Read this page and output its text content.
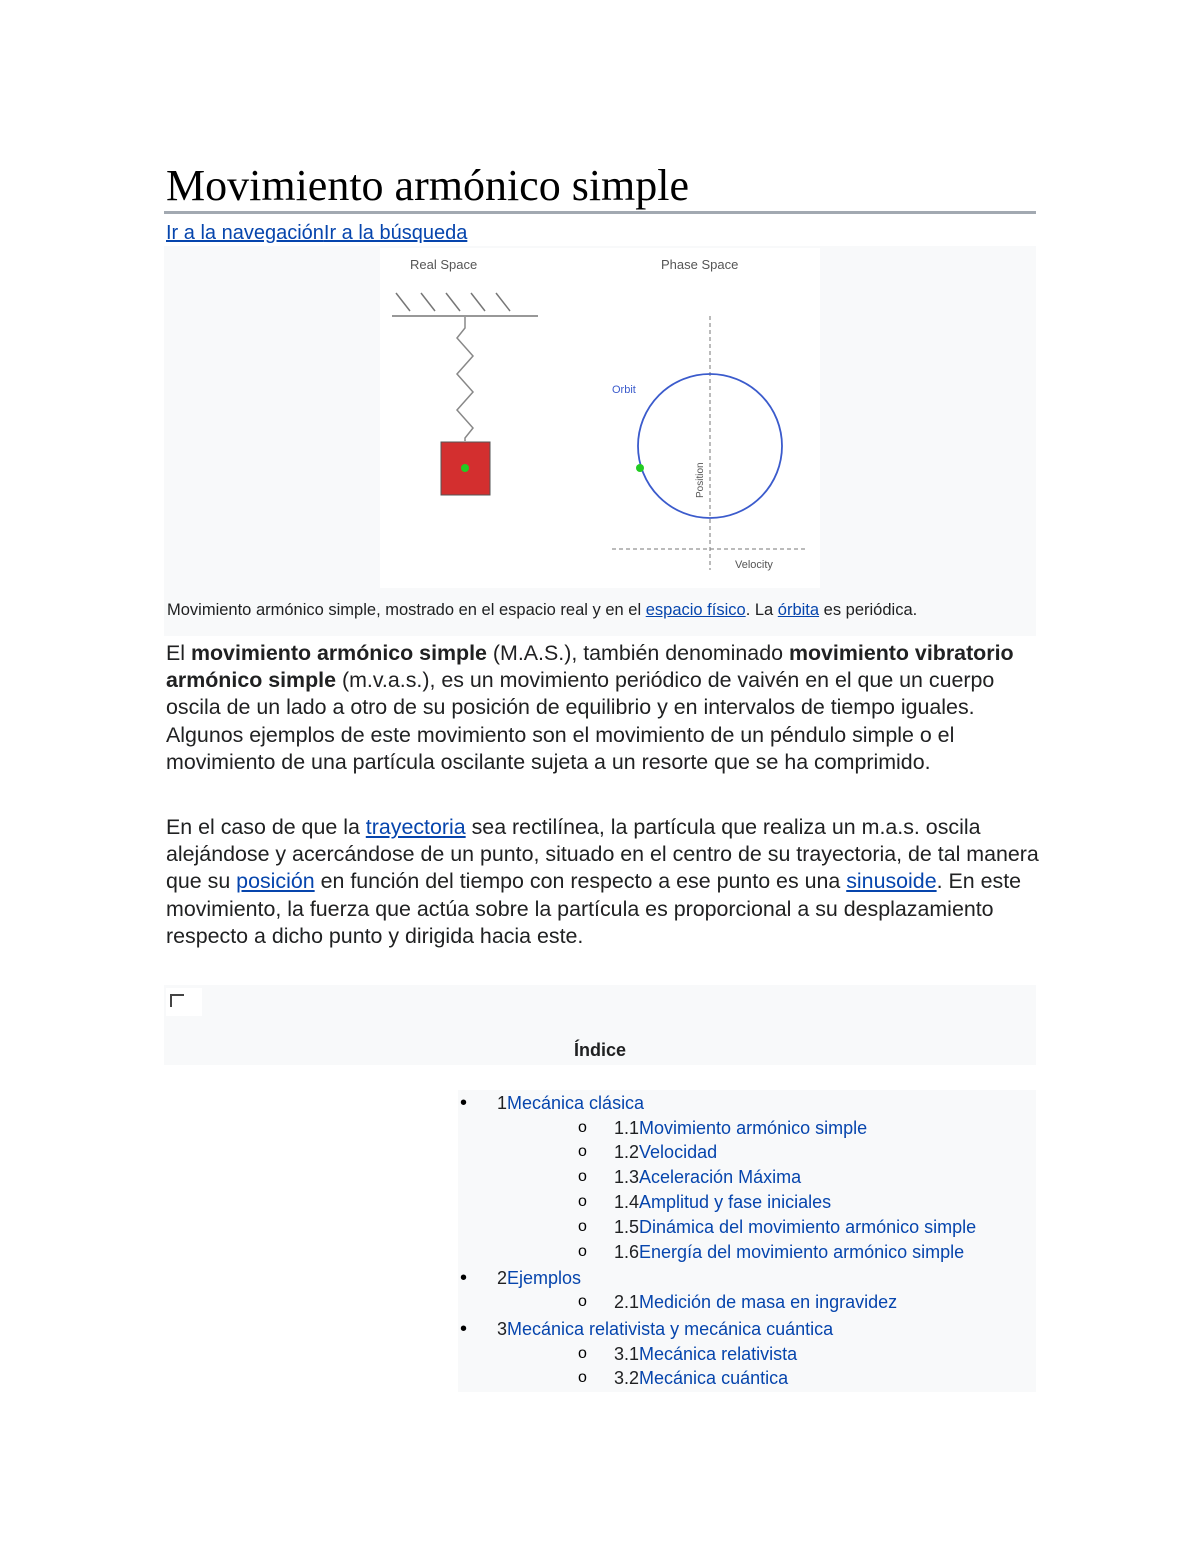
Movimiento armónico simple
Ir a la navegaciónIr a la búsqueda
Real Space	Phase Space
Orbit
Position
Velocity
Movimiento armónico simple, mostrado en el espacio real y en el espacio físico. La órbita es periódica.

El movimiento armónico simple (M.A.S.), también denominado movimiento vibratorio armónico simple (m.v.a.s.), es un movimiento periódico de vaivén en el que un cuerpo oscila de un lado a otro de su posición de equilibrio y en intervalos de tiempo iguales. Algunos ejemplos de este movimiento son el movimiento de un péndulo simple o el movimiento de una partícula oscilante sujeta a un resorte que se ha comprimido.

En el caso de que la trayectoria sea rectilínea, la partícula que realiza un m.a.s. oscila alejándose y acercándose de un punto, situado en el centro de su trayectoria, de tal manera que su posición en función del tiempo con respecto a ese punto es una sinusoide. En este movimiento, la fuerza que actúa sobre la partícula es proporcional a su desplazamiento respecto a dicho punto y dirigida hacia este.

Índice
• 1Mecánica clásica
o 1.1Movimiento armónico simple
o 1.2Velocidad
o 1.3Aceleración Máxima
o 1.4Amplitud y fase iniciales
o 1.5Dinámica del movimiento armónico simple
o 1.6Energía del movimiento armónico simple
• 2Ejemplos
o 2.1Medición de masa en ingravidez
• 3Mecánica relativista y mecánica cuántica
o 3.1Mecánica relativista
o 3.2Mecánica cuántica
